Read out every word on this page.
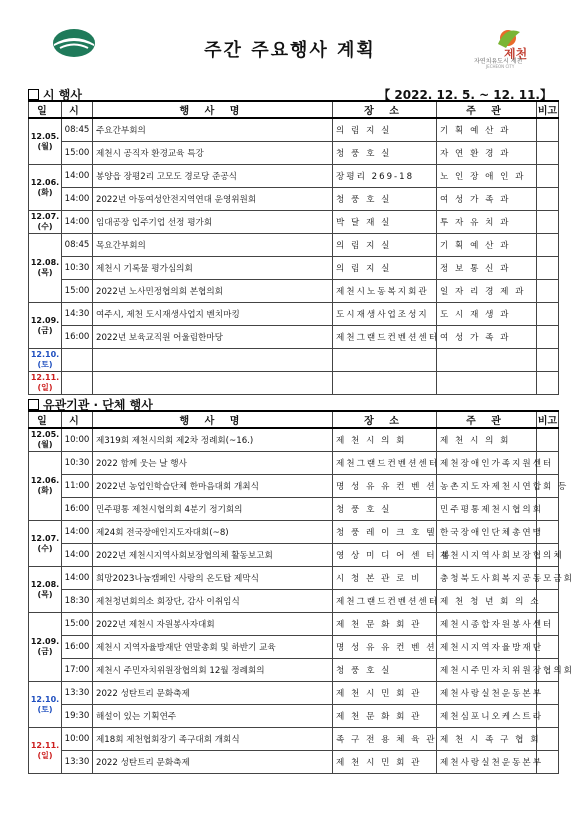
주간 주요행사 계획	제천
자연치유도시 제천
JECHEON CITY
시 행사	【 2022. 12. 5. ~ 12. 11.】
일	시	행 사 명	장 소	주 관	비고
12.05.
(월)	08:45	주요간부회의	의 림 지 실	기 획 예 산 과	
	15:00	제천시 공직자 환경교육 특강	청 풍 호 실	자 연 환 경 과	
12.06.
(화)	14:00	봉양읍 장평2리 고모도 경로당 준공식	장평리 269-18	노 인 장 애 인 과	
	14:00	2022년 아동여성안전지역연대 운영위원회	청 풍 호 실	여 성 가 족 과	
12.07.
(수)	14:00	임대공장 입주기업 선정 평가회	박 달 재 실	투 자 유 치 과	
12.08.
(목)	08:45	목요간부회의	의 림 지 실	기 획 예 산 과	
	10:30	제천시 기록물 평가심의회	의 림 지 실	정 보 통 신 과	
	15:00	2022년 노사민정협의회 본협의회	제천시노동복지회관	일 자 리 경 제 과	
12.09.
(금)	14:30	여주시, 제천 도시재생사업지 벤치마킹	도시재생사업조성지	도 시 재 생 과	
	16:00	2022년 보육교직원 어울림한마당	제천그랜드컨벤션센터	여 성 가 족 과	
12.10.
(토)					

12.11.
(일)					

유관기관 · 단체 행사
일	시	행 사 명	장 소	주 관	비고
12.05.
(월)	10:00	제319회 제천시의회 제2차 정례회(~16.)	제 천 시 의 회	제 천 시 의 회	
12.06.
(화)	10:30	2022 함께 웃는 날 행사	제천그랜드컨벤션센터	제천장애인가족지원센터	
	11:00	2022년 농업인학습단체 한마음대회 개최식	명 성 유 유 컨 벤 션	농촌지도자제천시연합회 등	
	16:00	민주평통 제천시협의회 4분기 정기회의	청 풍 호 실	민주평통제천시협의회	
12.07.
(수)	14:00	제24회 전국장애인지도자대회(~8)	청 풍 레 이 크 호 텔	한국장애인단체총연맹	
	14:00	2022년 제천시지역사회보장협의체 활동보고회	영 상 미 디 어 센 터 봄	제천시지역사회보장협의체	
12.08.
(목)	14:00	희망2023나눔캠페인 사랑의 온도탑 제막식	시 청 본 관 로 비	충청북도사회복지공동모금회	
	18:30	제천청년회의소 회장단, 감사 이취임식	제천그랜드컨벤션센터	제 천 청 년 회 의 소	
12.09.
(금)	15:00	2022년 제천시 자원봉사자대회	제 천 문 화 회 관	제천시종합자원봉사센터	
	16:00	제천시 지역자율방재단 연말총회 및 하반기 교육	명 성 유 유 컨 벤 션	제천시지역자율방재단	
	17:00	제천시 주민자치위원장협의회 12월 정례회의	청 풍 호 실	제천시주민자치위원장협의회	
12.10.
(토)	13:30	2022 성탄트리 문화축제	제 천 시 민 회 관	제천사랑실천운동본부	
	19:30	해설이 있는 기획연주	제 천 문 화 회 관	제천심포니오케스트라	
12.11.
(일)	10:00	제18회 제천협회장기 족구대회 개회식	족 구 전 용 체 육 관	제 천 시 족 구 협 회	
	13:30	2022 성탄트리 문화축제	제 천 시 민 회 관	제천사랑실천운동본부	
